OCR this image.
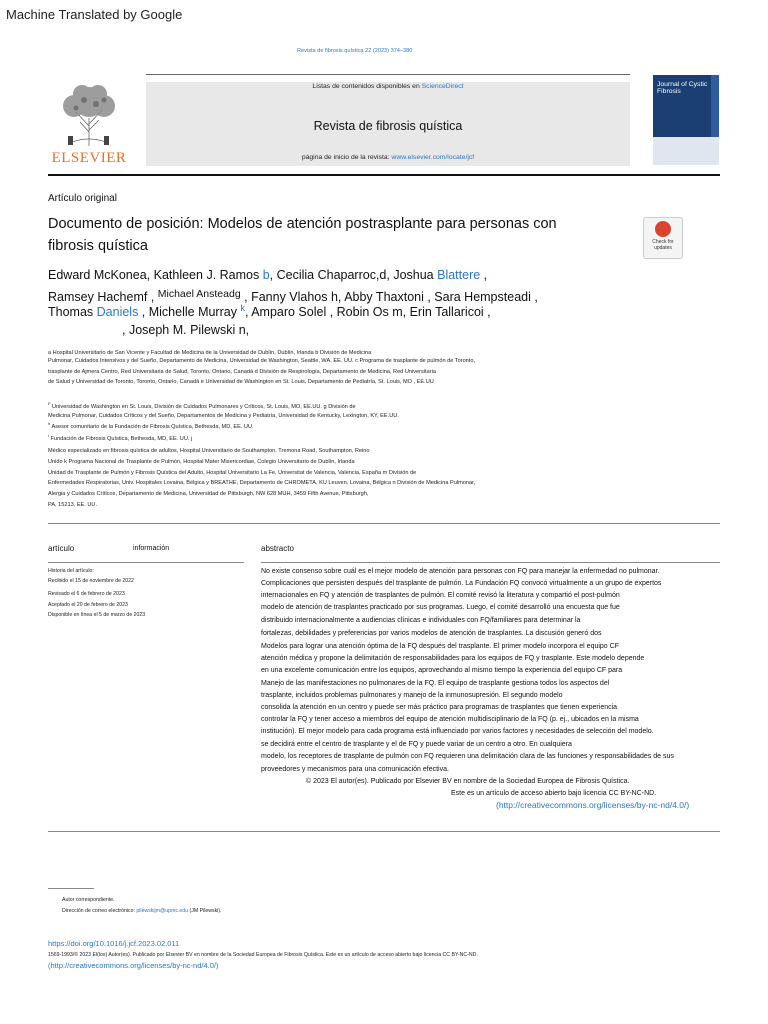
Machine Translated by Google
Revista de fibrosis quística 22 (2023) 374–380
ELSEVIER
Listas de contenidos disponibles en ScienceDirect
Revista de fibrosis quística
página de inicio de la revista: www.elsevier.com/locate/jcf
Journal of Cystic Fibrosis
Artículo original
Documento de posición: Modelos de atención postrasplante para personas con
fibrosis quística	Check for updates
Edward McKonea, Kathleen J. Ramos b, Cecilia Chaparroc,d, Joshua Blattere ,
Ramsey Hachemf , $^{Michael Ansteadg}$ , Fanny Vlahos h, Abby Thaxtoni , Sara Hempsteadi ,
Thomas Daniels , Michelle Murray $^k$, Amparo Solel , Robin Os m, Erin Tallaricoi ,
, Joseph M. Pilewski n,
a Hospital Universitario de San Vicente y Facultad de Medicina de la Universidad de Dublín, Dublín, Irlanda b División de Medicina
Pulmonar, Cuidados Intensivos y del Sueño, Departamento de Medicina, Universidad de Washington, Seattle, WA, EE. UU. c Programa de trasplante de pulmón de Toronto,
trasplante de Ajmera Centro, Red Universitaria de Salud, Toronto, Ontario, Canadá d División de Respirología, Departamento de Medicina, Red Universitaria
de Salud y Universidad de Toronto, Toronto, Ontario, Canadá e Universidad de Washington en St. Louis, Departamento de Pediatría, St. Louis, MO , EE.UU
$^F$ Universidad de Washington en St. Louis, División de Cuidados Pulmonares y Críticos, St. Louis, MO, EE.UU. g División de
Medicina Pulmonar, Cuidados Críticos y del Sueño, Departamentos de Medicina y Pediatría, Universidad de Kentucky, Lexington, KY, EE.UU.
$^h$ Asesor comunitario de la Fundación de Fibrosis Quística, Bethesda, MD, EE. UU.
$^i$ Fundación de Fibrosis Quística, Bethesda, MD, EE. UU. j
Médico especializado en fibrosis quística de adultos, Hospital Universitario de Southampton, Tremona Road, Southampton, Reino
Unido k Programa Nacional de Trasplante de Pulmón, Hospital Mater Misericordiae, Colegio Universitario de Dublín, Irlanda
Unidad de Trasplante de Pulmón y Fibrosis Quística del Adulto, Hospital Universitario La Fe, Universitat de Valencia, Valencia, España m División de
Enfermedades Respiratorias, Univ. Hospitales Lovaina, Bélgica y BREATHE, Departamento de CHROMETA, KU Leuven, Lovaina, Bélgica n División de Medicina Pulmonar,
Alergia y Cuidados Críticos, Departamento de Medicina, Universidad de Pittsburgh, NW 628 MUH, 3459 Fifth Avenue, Pittsburgh,
PA, 15213, EE. UU.
artículo	información
Historia del artículo:
Recibido el 15 de noviembre de 2022
Revisado el 6 de febrero de 2023
Aceptado el 20 de febrero de 2023
Disponible en línea el 5 de marzo de 2023
abstracto
No existe consenso sobre cuál es el mejor modelo de atención para personas con FQ para manejar la enfermedad no pulmonar.
Complicaciones que persisten después del trasplante de pulmón. La Fundación FQ convocó virtualmente a un grupo de expertos
internacionales en FQ y atención de trasplantes de pulmón. El comité revisó la literatura y compartió el post-pulmón
modelo de atención de trasplantes practicado por sus programas. Luego, el comité desarrolló una encuesta que fue
distribuido internacionalmente a audiencias clínicas e individuales con FQ/familiares para determinar la
fortalezas, debilidades y preferencias por varios modelos de atención de trasplantes. La discusión generó dos
Modelos para lograr una atención óptima de la FQ después del trasplante. El primer modelo incorpora el equipo CF
atención médica y propone la delimitación de responsabilidades para los equipos de FQ y trasplante. Este modelo depende
en una excelente comunicación entre los equipos, aprovechando al mismo tiempo la experiencia del equipo CF para
Manejo de las manifestaciones no pulmonares de la FQ. El equipo de trasplante gestiona todos los aspectos del
trasplante, incluidos problemas pulmonares y manejo de la inmunosupresión. El segundo modelo
consolida la atención en un centro y puede ser más práctico para programas de trasplantes que tienen experiencia
controlar la FQ y tener acceso a miembros del equipo de atención multidisciplinario de la FQ (p. ej., ubicados en la misma
institución). El mejor modelo para cada programa está influenciado por varios factores y necesidades de selección del modelo.
se decidirá entre el centro de trasplante y el de FQ y puede variar de un centro a otro. En cualquiera
modelo, los receptores de trasplante de pulmón con FQ requieren una delimitación clara de las funciones y responsabilidades de sus
proveedores y mecanismos para una comunicación efectiva.
© 2023 El autor(es). Publicado por Elsevier BV en nombre de la Sociedad Europea de Fibrosis Quística.
Este es un artículo de acceso abierto bajo licencia CC BY-NC-ND.
(http://creativecommons.org/licenses/by-nc-nd/4.0/)
Autor correspondiente.
Dirección de correo electrónico: pilewskijm@upmc.edu (JM Pilewski).
https://doi.org/10.1016/j.jcf.2023.02.011
1569-1993/© 2023 El(los) Autor(es). Publicado por Elsevier BV en nombre de la Sociedad Europea de Fibrosis Quística. Este es un artículo de acceso abierto bajo licencia CC BY-NC-ND.
(http://creativecommons.org/licenses/by-nc-nd/4.0/)
